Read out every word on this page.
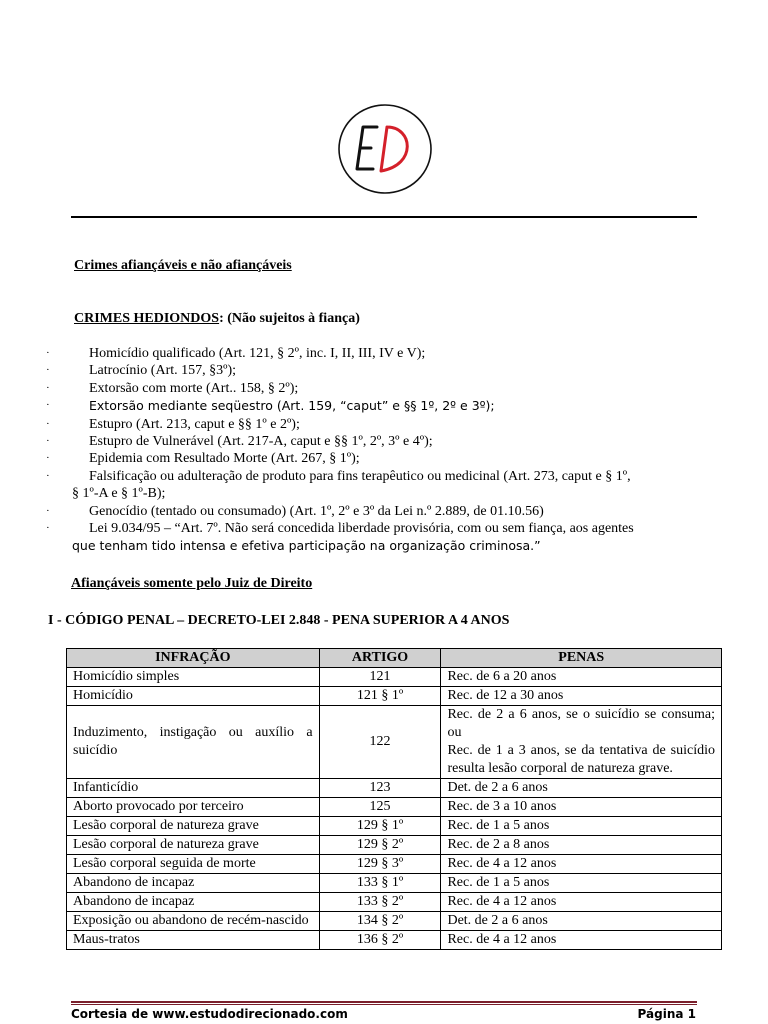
Crimes afiançáveis e não afiançáveis
CRIMES HEDIONDOS: (Não sujeitos à fiança)
·	Homicídio qualificado (Art. 121, § 2º, inc. I, II, III, IV e V);
·	Latrocínio (Art. 157, §3º);
·	Extorsão com morte (Art.. 158, § 2º);
·	Extorsão mediante seqüestro (Art. 159, “caput” e §§ 1º, 2º e 3º);
·	Estupro (Art. 213, caput e §§ 1º e 2º);
·	Estupro de Vulnerável (Art. 217-A, caput e §§ 1º, 2º, 3º e 4º);
·	Epidemia com Resultado Morte (Art. 267, § 1º);
·	Falsificação ou adulteração de produto para fins terapêutico ou medicinal (Art. 273, caput e § 1º,
§ 1º-A e § 1º-B);
·	Genocídio (tentado ou consumado) (Art. 1º, 2º e 3º da Lei n.º 2.889, de 01.10.56)
·	Lei 9.034/95 – “Art. 7º. Não será concedida liberdade provisória, com ou sem fiança, aos agentes
que tenham tido intensa e efetiva participação na organização criminosa.”
Afiançáveis somente pelo Juiz de Direito
I - CÓDIGO PENAL – DECRETO-LEI 2.848 - PENA SUPERIOR A 4 ANOS
INFRAÇÃO	ARTIGO	PENAS
Homicídio simples	121	Rec. de 6 a 20 anos
Homicídio	121 § 1º	Rec. de 12 a 30 anos
Induzimento, instigação ou auxílio a suicídio	122	Rec. de 2 a 6 anos, se o suicídio se consuma; ou
Rec. de 1 a 3 anos, se da tentativa de suicídio resulta lesão corporal de natureza grave.

Infanticídio	123	Det. de 2 a 6 anos
Aborto provocado por terceiro	125	Rec. de 3 a 10 anos
Lesão corporal de natureza grave	129 § 1º	Rec. de 1 a 5 anos
Lesão corporal de natureza grave	129 § 2º	Rec. de 2 a 8 anos
Lesão corporal seguida de morte	129 § 3º	Rec. de 4 a 12 anos
Abandono de incapaz	133 § 1º	Rec. de 1 a 5 anos
Abandono de incapaz	133 § 2º	Rec. de 4 a 12 anos
Exposição ou abandono de recém-nascido	134 § 2º	Det. de 2 a 6 anos
Maus-tratos	136 § 2º	Rec. de 4 a 12 anos
Cortesia de www.estudodirecionado.com	Página 1
